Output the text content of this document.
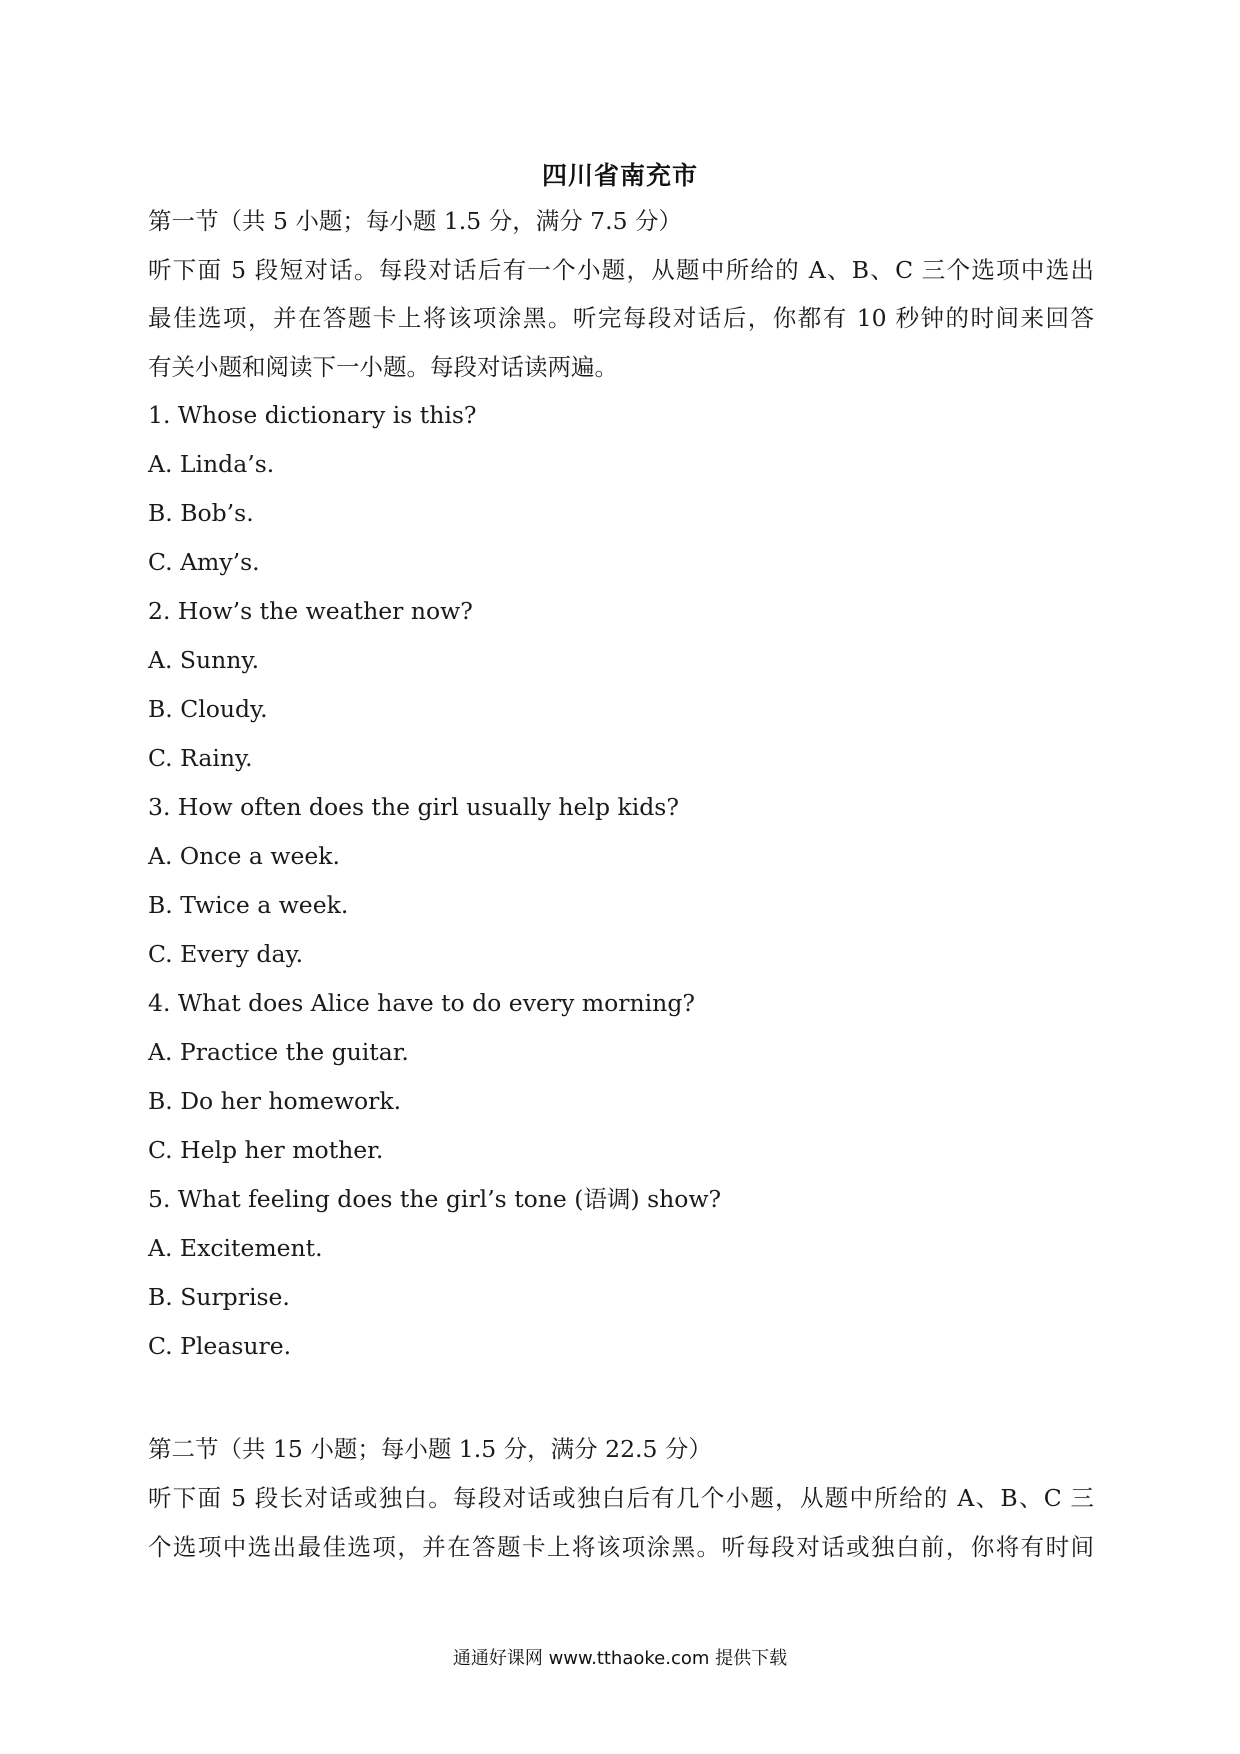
四川省南充市
第一节（共 5 小题；每小题 1.5 分，满分 7.5 分）
听下面 5 段短对话。每段对话后有一个小题，从题中所给的 A、B、C 三个选项中选出
最佳选项，并在答题卡上将该项涂黑。听完每段对话后，你都有 10 秒钟的时间来回答
有关小题和阅读下一小题。每段对话读两遍。
1. Whose dictionary is this?
A. Linda’s.
B. Bob’s.
C. Amy’s.
2. How’s the weather now?
A. Sunny.
B. Cloudy.
C. Rainy.
3. How often does the girl usually help kids?
A. Once a week.
B. Twice a week.
C. Every day.
4. What does Alice have to do every morning?
A. Practice the guitar.
B. Do her homework.
C. Help her mother.
5. What feeling does the girl’s tone (语调) show?
A. Excitement.
B. Surprise.
C. Pleasure.
第二节（共 15 小题；每小题 1.5 分，满分 22.5 分）
听下面 5 段长对话或独白。每段对话或独白后有几个小题，从题中所给的 A、B、C 三
个选项中选出最佳选项，并在答题卡上将该项涂黑。听每段对话或独白前，你将有时间
通通好课网 www.tthaoke.com 提供下载
